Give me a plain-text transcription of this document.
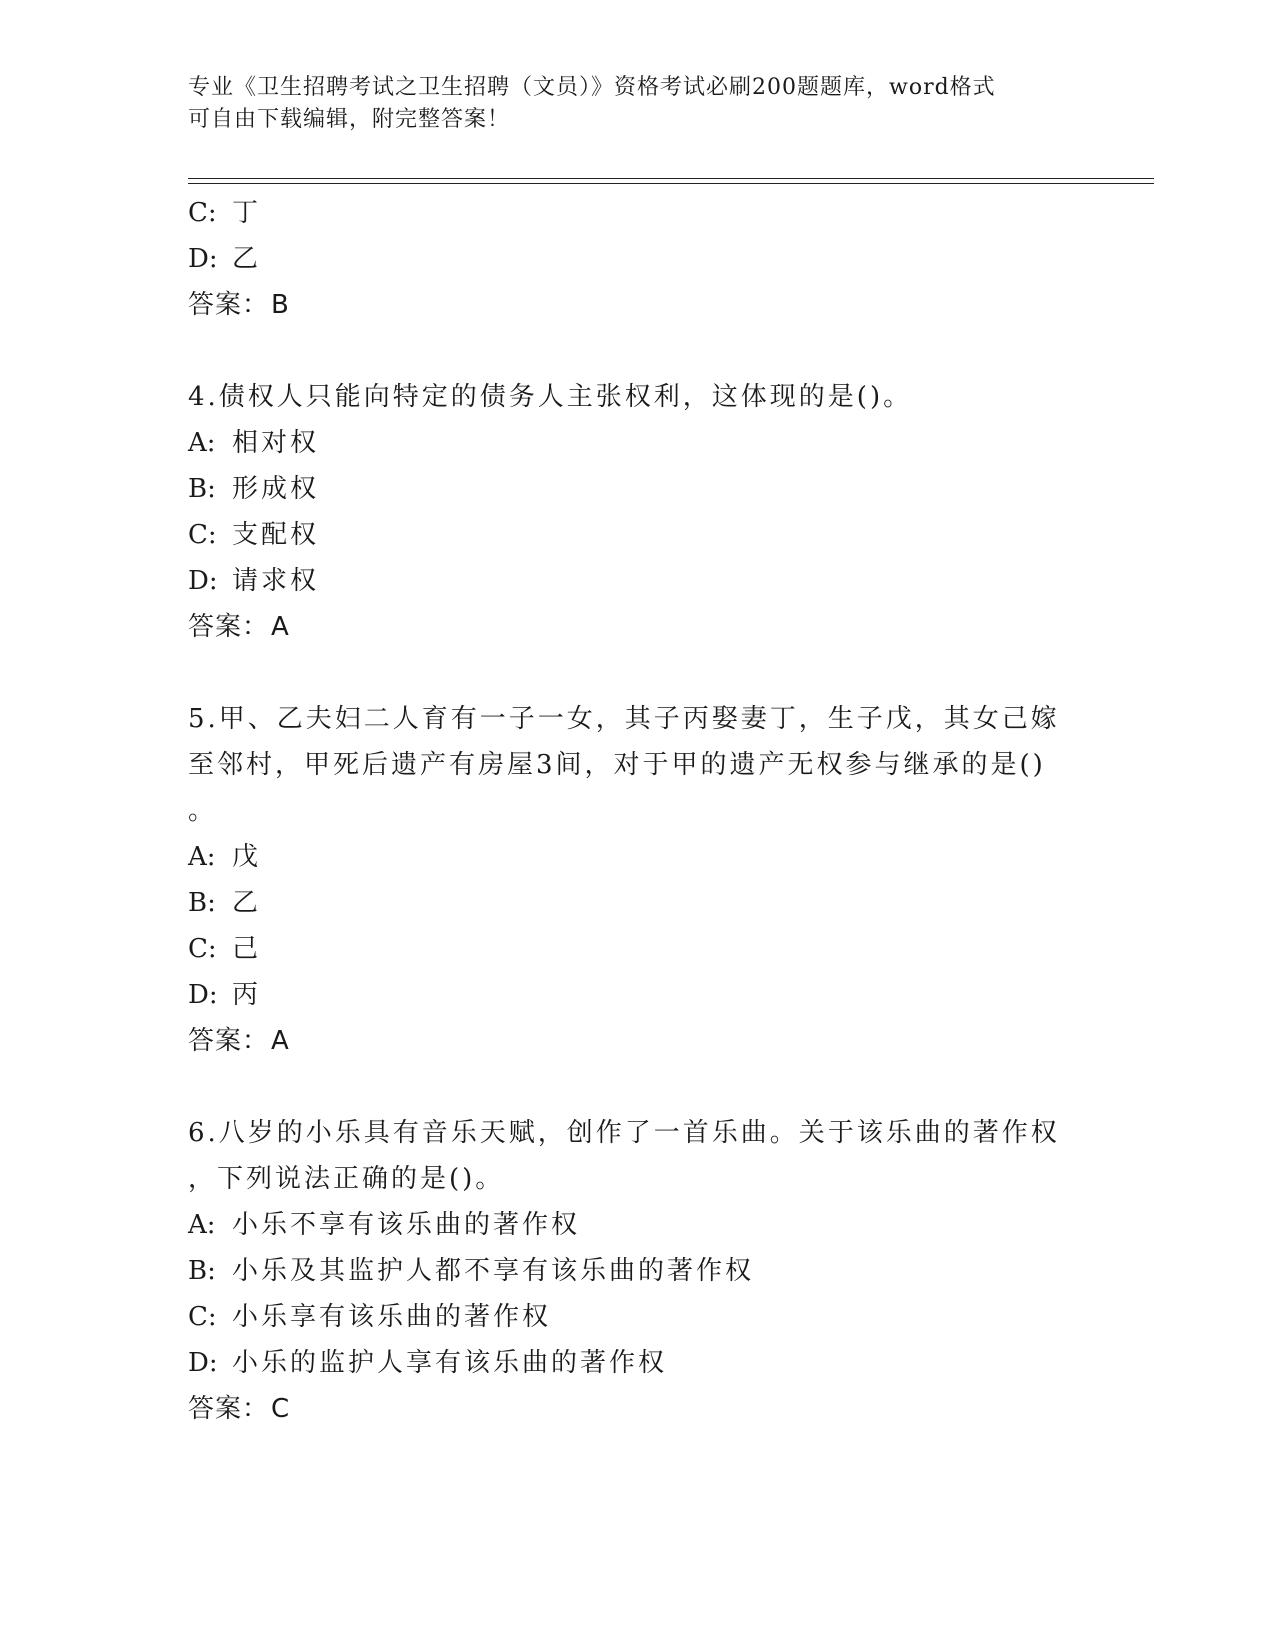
专业《卫生招聘考试之卫生招聘（文员）》资格考试必刷200题题库，word格式
可自由下载编辑，附完整答案！
C: 丁
D: 乙
答案：B
4.债权人只能向特定的债务人主张权利，这体现的是()。
A: 相对权
B: 形成权
C: 支配权
D: 请求权
答案：A
5.甲、乙夫妇二人育有一子一女，其子丙娶妻丁，生子戊，其女己嫁
至邻村，甲死后遗产有房屋3间，对于甲的遗产无权参与继承的是()
。
A: 戊
B: 乙
C: 己
D: 丙
答案：A
6.八岁的小乐具有音乐天赋，创作了一首乐曲。关于该乐曲的著作权
，下列说法正确的是()。
A: 小乐不享有该乐曲的著作权
B: 小乐及其监护人都不享有该乐曲的著作权
C: 小乐享有该乐曲的著作权
D: 小乐的监护人享有该乐曲的著作权
答案：C
